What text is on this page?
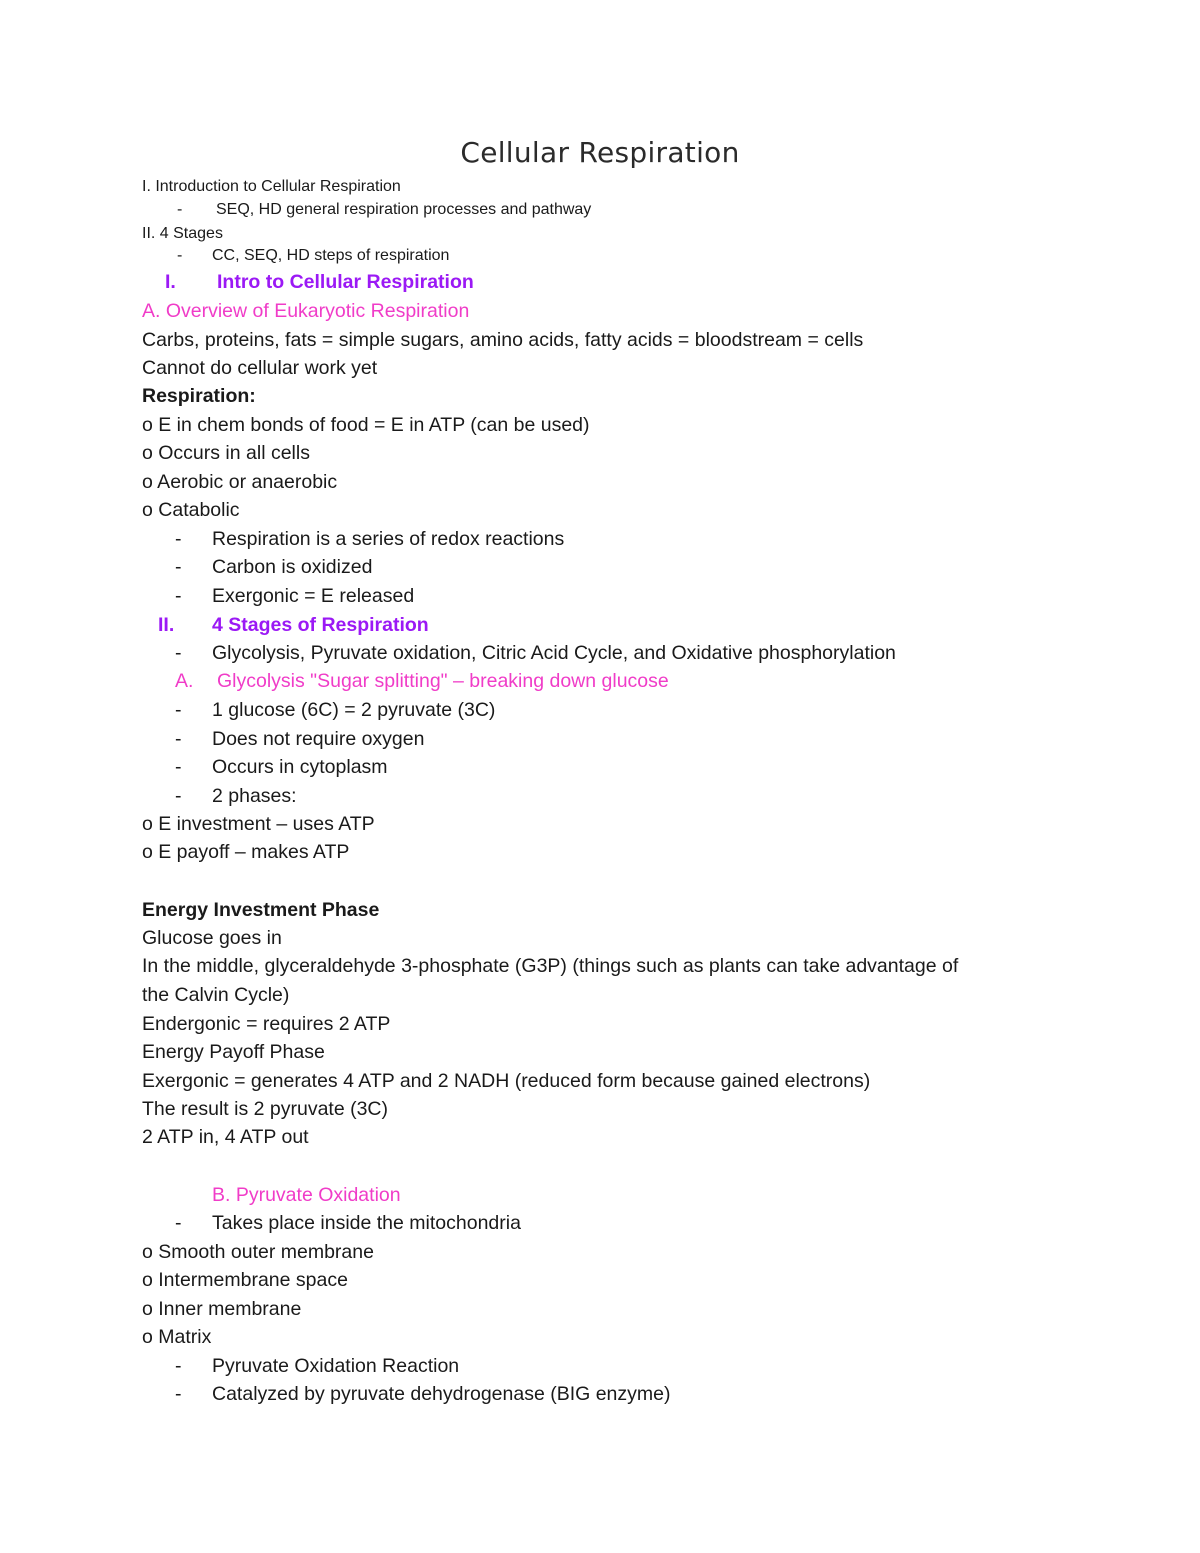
Cellular Respiration
I. Introduction to Cellular Respiration
- SEQ, HD general respiration processes and pathway
II. 4 Stages
- CC, SEQ, HD steps of respiration
I. Intro to Cellular Respiration
A. Overview of Eukaryotic Respiration
Carbs, proteins, fats = simple sugars, amino acids, fatty acids = bloodstream = cells
Cannot do cellular work yet
Respiration:
o E in chem bonds of food = E in ATP (can be used)
o Occurs in all cells
o Aerobic or anaerobic
o Catabolic
- Respiration is a series of redox reactions
- Carbon is oxidized
- Exergonic = E released
II. 4 Stages of Respiration
- Glycolysis, Pyruvate oxidation, Citric Acid Cycle, and Oxidative phosphorylation
A. Glycolysis "Sugar splitting" – breaking down glucose
- 1 glucose (6C) = 2 pyruvate (3C)
- Does not require oxygen
- Occurs in cytoplasm
- 2 phases:
o E investment – uses ATP
o E payoff – makes ATP
Energy Investment Phase
Glucose goes in
In the middle, glyceraldehyde 3-phosphate (G3P) (things such as plants can take advantage of
the Calvin Cycle)
Endergonic = requires 2 ATP
Energy Payoff Phase
Exergonic = generates 4 ATP and 2 NADH (reduced form because gained electrons)
The result is 2 pyruvate (3C)
2 ATP in, 4 ATP out
B. Pyruvate Oxidation
- Takes place inside the mitochondria
o Smooth outer membrane
o Intermembrane space
o Inner membrane
o Matrix
- Pyruvate Oxidation Reaction
- Catalyzed by pyruvate dehydrogenase (BIG enzyme)
